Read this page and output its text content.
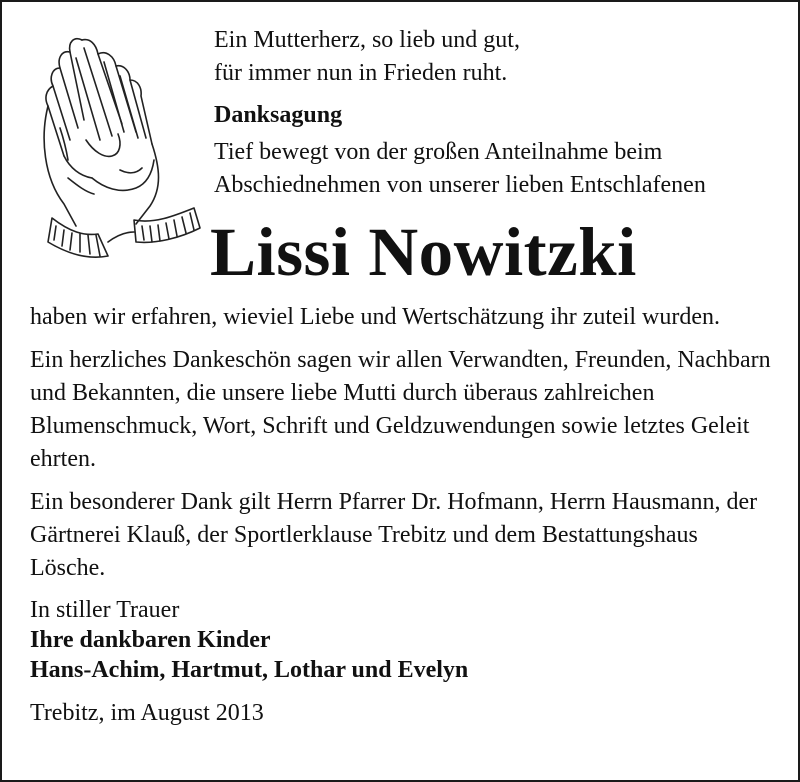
Ein Mutterherz, so lieb und gut,
für immer nun in Frieden ruht.
Danksagung
Tief bewegt von der großen Anteilnahme beim
Abschiednehmen von unserer lieben Entschlafenen
Lissi Nowitzki

haben wir erfahren, wieviel Liebe und Wertschätzung ihr zuteil wurden.

Ein herzliches Dankeschön sagen wir allen Verwandten, Freunden, Nachbarn und Bekannten, die unsere liebe Mutti durch überaus zahlreichen Blumenschmuck, Wort, Schrift und Geldzuwendungen sowie letztes Geleit ehrten.

Ein besonderer Dank gilt Herrn Pfarrer Dr. Hofmann, Herrn Hausmann, der Gärtnerei Klauß, der Sportlerklause Trebitz und dem Bestattungshaus Lösche.

In stiller Trauer
Ihre dankbaren Kinder
Hans-Achim, Hartmut, Lothar und Evelyn
Trebitz, im August 2013
